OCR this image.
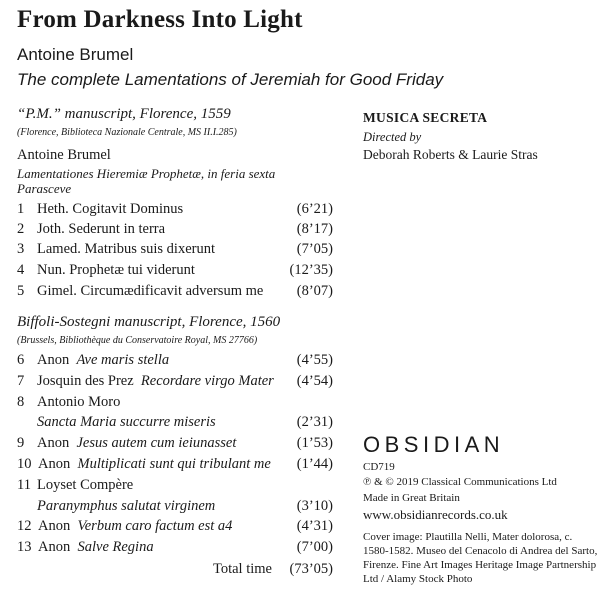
From Darkness Into Light
Antoine Brumel
The complete Lamentations of Jeremiah for Good Friday
“P.M.” manuscript, Florence, 1559
(Florence, Biblioteca Nazionale Centrale, MS II.I.285)
Antoine Brumel
Lamentationes Hieremiæ Prophetæ, in feria sexta Parasceve
1 Heth. Cogitavit Dominus	(6’21)
2 Joth. Sederunt in terra	(8’17)
3 Lamed. Matribus suis dixerunt	(7’05)
4 Nun. Prophetæ tui viderunt	(12’35)
5 Gimel. Circumædificavit adversum me (8’07)
Biffoli-Sostegni manuscript, Florence, 1560
(Brussels, Bibliothèque du Conservatoire Royal, MS 27766)
6 Anon Ave maris stella	(4’55)
7 Josquin des Prez Recordare virgo Mater (4’54)
8 Antonio Moro
Sancta Maria succurre miseris	(2’31)
9 Anon Jesus autem cum ieiunasset	(1’53)
10 Anon Multiplicati sunt qui tribulant me (1’44)
11 Loyset Compère
Paranymphus salutat virginem	(3’10)
12 Anon Verbum caro factum est a4	(4’31)
13 Anon Salve Regina	(7’00)
Total time (73’05)
MUSICA SECRETA
Directed by
Deborah Roberts & Laurie Stras
OBSIDIAN
CD719
℗ & © 2019 Classical Communications Ltd
Made in Great Britain
www.obsidianrecords.co.uk
Cover image: Plautilla Nelli, Mater dolorosa, c. 1580-1582. Museo del Cenacolo di Andrea del Sarto, Firenze. Fine Art Images Heritage Image Partnership Ltd / Alamy Stock Photo
